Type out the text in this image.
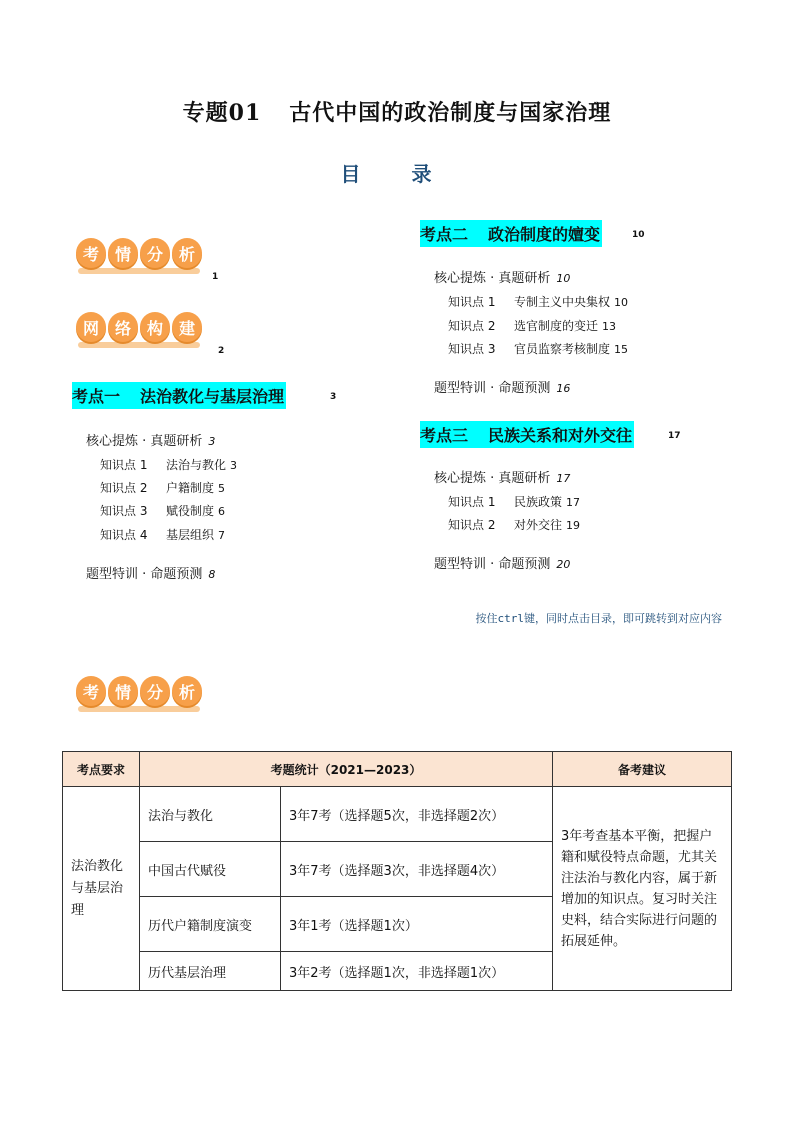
专题01 古代中国的政治制度与国家治理
目 录
考 情 分 析
1
网 络 构 建
2
考点一 法治教化与基层治理	3
核心提炼 · 真题研析 3
知识点 1 法治与教化 3
知识点 2 户籍制度 5
知识点 3 赋役制度 6
知识点 4 基层组织 7
题型特训 · 命题预测 8
考点二 政治制度的嬗变	10
核心提炼 · 真题研析 10
知识点 1 专制主义中央集权 10
知识点 2 选官制度的变迁 13
知识点 3 官员监察考核制度 15
题型特训 · 命题预测 16
考点三 民族关系和对外交往	17
核心提炼 · 真题研析 17
知识点 1 民族政策 17
知识点 2 对外交往 19
题型特训 · 命题预测 20
按住ctrl键，同时点击目录，即可跳转到对应内容
考 情 分 析
考点要求	考题统计（2021—2023）		备考建议
法治教化与基层治理	法治与教化	3年7考（选择题5次，非选择题2次）	3年考查基本平衡，把握户籍和赋役特点命题，尤其关注法治与教化内容，属于新增加的知识点。复习时关注史料，结合实际进行问题的拓展延伸。
	中国古代赋役	3年7考（选择题3次，非选择题4次）	
	历代户籍制度演变	3年1考（选择题1次）	
	历代基层治理	3年2考（选择题1次，非选择题1次）	
